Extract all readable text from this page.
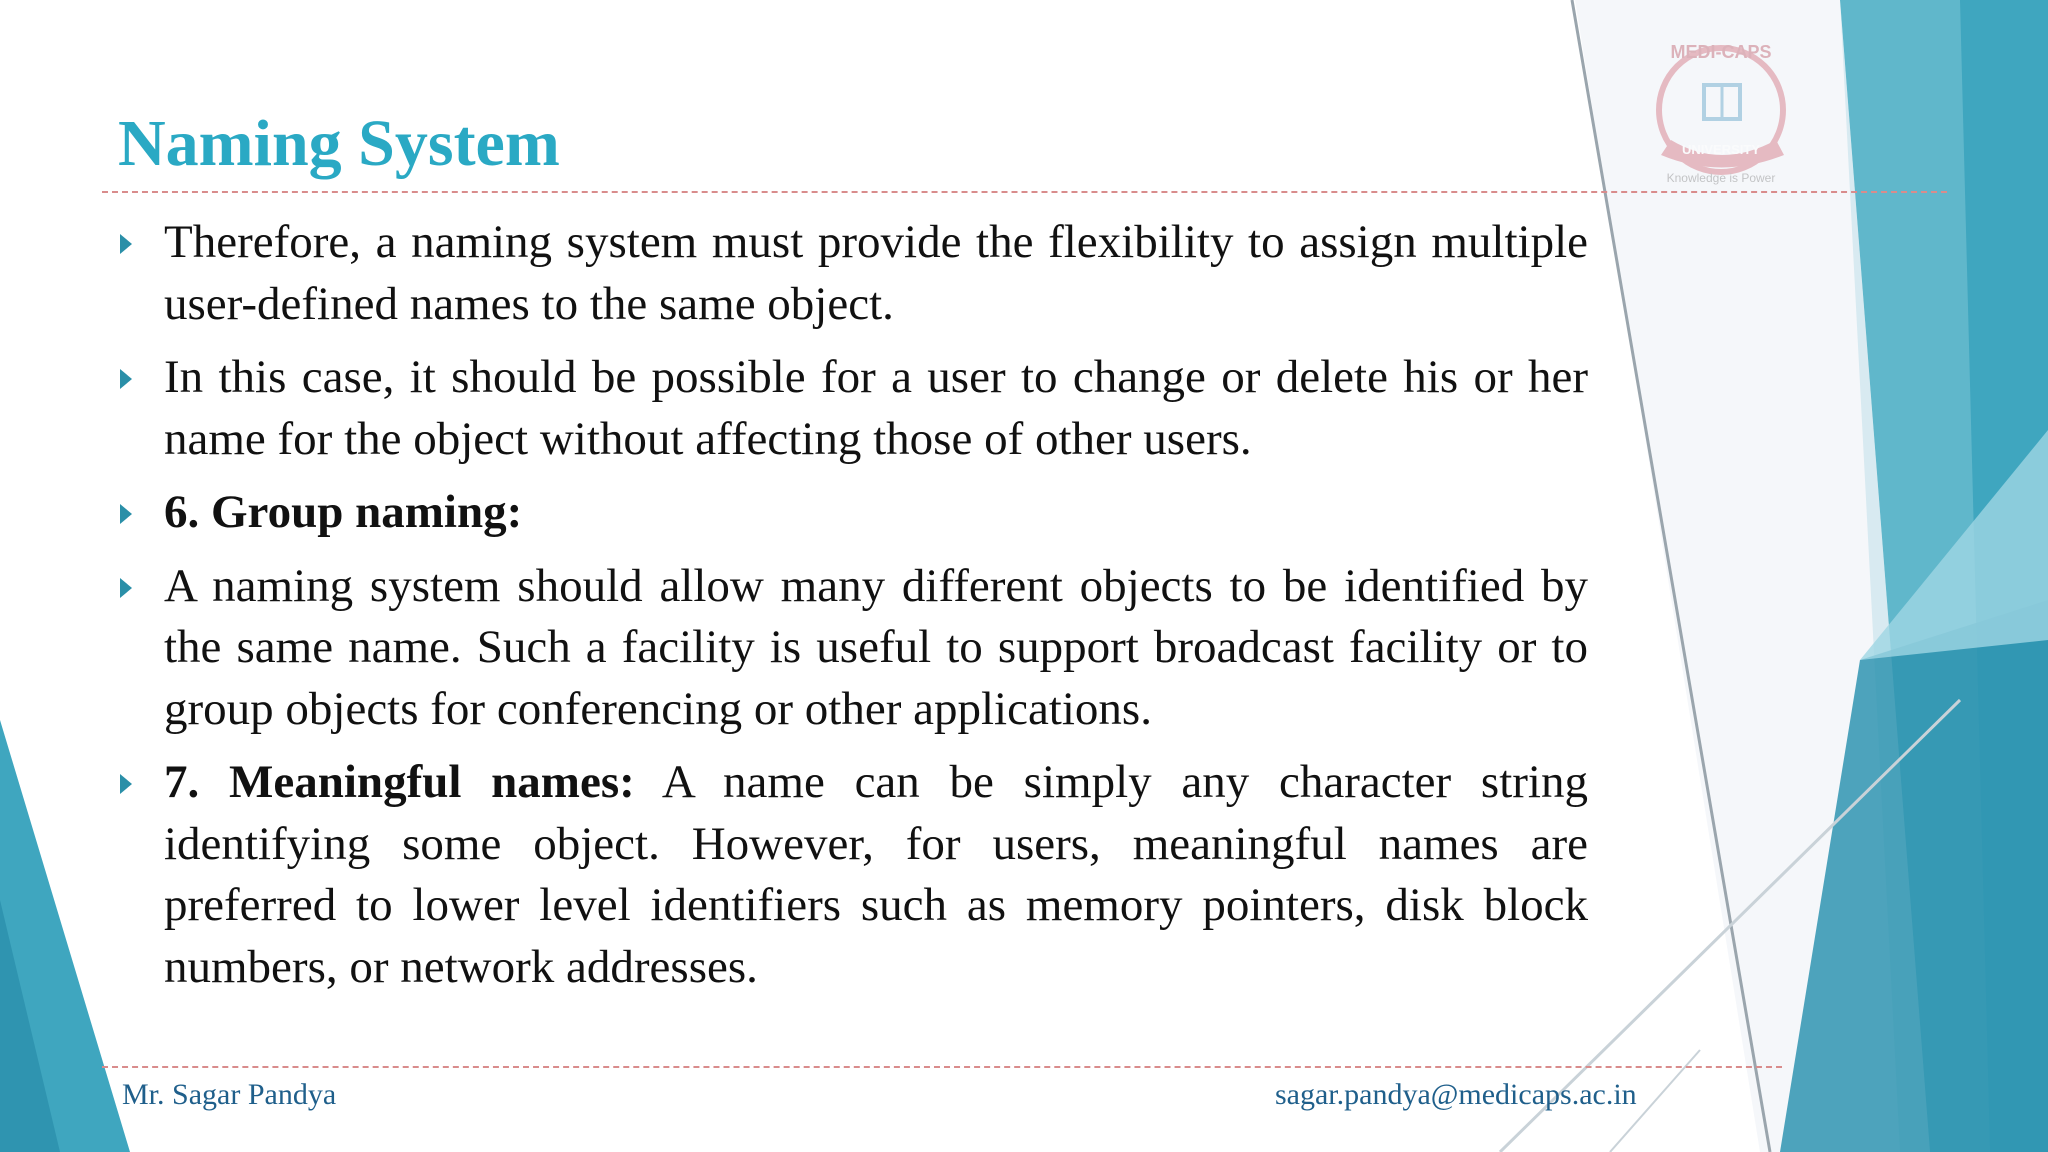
MEDI-CAPS
UNIVERSITY
Knowledge is Power
Naming System
Therefore, a naming system must provide the flexibility to assign multiple user-defined names to the same object.
In this case, it should be possible for a user to change or delete his or her name for the object without affecting those of other users.
6. Group naming:
A naming system should allow many different objects to be identified by the same name. Such a facility is useful to support broadcast facility or to group objects for conferencing or other applications.
7. Meaningful names: A name can be simply any character string identifying some object. However, for users, meaningful names are preferred to lower level identifiers such as memory pointers, disk block numbers, or network addresses.
Mr. Sagar Pandya	sagar.pandya@medicaps.ac.in
